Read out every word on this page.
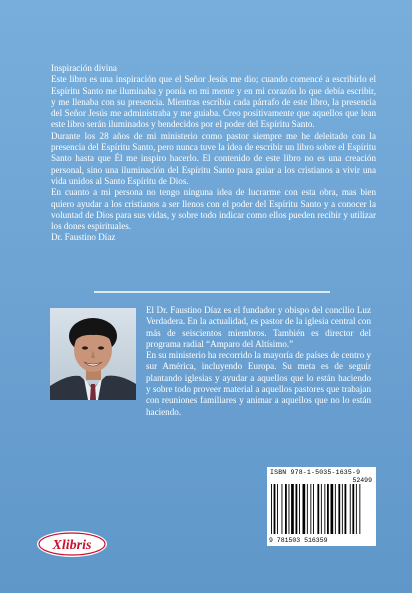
Inspiración divina

Este libro es una inspiración que el Señor Jesús me dio; cuando comencé a escribirlo el Espíritu Santo me iluminaba y ponía en mi mente y en mi corazón lo que debía escribir, y me llenaba con su presencia. Mientras escribía cada párrafo de este libro, la presencia del Señor Jesús me administraba y me guiaba. Creo positivamente que aquellos que lean este libro serán iluminados y bendecidos por el poder del Espíritu Santo.

Durante los 28 años de mi ministerio como pastor siempre me he deleitado con la presencia del Espíritu Santo, pero nunca tuve la idea de escribir un libro sobre el Espíritu Santo hasta que Él me inspiro hacerlo. El contenido de este libro no es una creación personal, sino una iluminación del Espíritu Santo para guiar a los cristianos a vivir una vida unidos al Santo Espíritu de Dios.

En cuanto a mi persona no tengo ninguna idea de lucrarme con esta obra, mas bien quiero ayudar a los cristianos a ser llenos con el poder del Espíritu Santo y a conocer la voluntad de Dios para sus vidas, y sobre todo indicar como ellos pueden recibir y utilizar los dones espirituales.

Dr. Faustino Díaz

El Dr. Faustino Díaz es el fundador y obispo del concilio Luz Verdadera. En la actualidad, es pastor de la iglesia central con más de seiscientos miembros. También es director del programa radial “Amparo del Altísimo.”
En su ministerio ha recorrido la mayoría de países de centro y sur América, incluyendo Europa. Su meta es de seguir plantando iglesias y ayudar a aquellos que lo están haciendo y sobre todo proveer material a aquellos pastores que trabajan con reuniones familiares y animar a aquellos que no lo están haciendo.
ISBN 978-1-5035-1635-9
52499
9 781503 516359
Xlibris
